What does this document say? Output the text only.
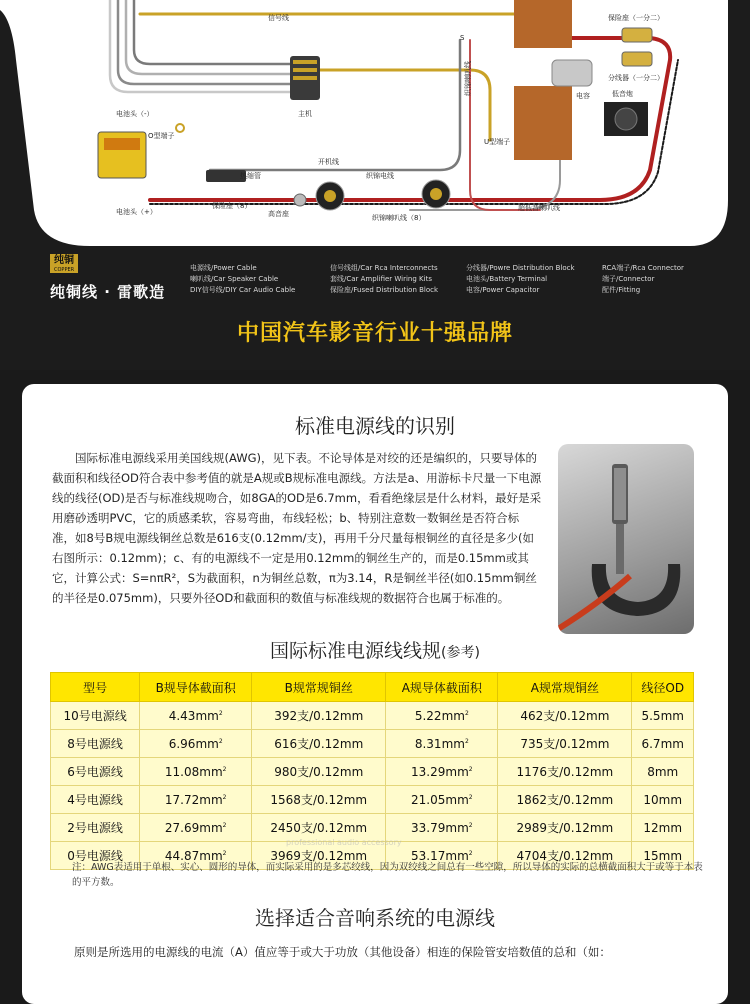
信号线	保险座（一分二）
主机
电池头（-）
O型端子
电池头（+）
织锦喇叭线	电容
分线器（一分二）
低音炮
U型端子
开机线
织锦电线
热缩管
保险座（8）
高音座	织锦喇叭线（8）
超低音喇叭线
S
纯铜
COPPER
纯铜线 · 雷歌造
电源线/Power Cable
喇叭线/Car Speaker Cable
DIY信号线/DIY Car Audio Cable
信号线组/Car Rca Interconnects
套线/Car Amplifier Wiring Kits
保险座/Fused Distribution Block
分线器/Powre Distribution Block
电池头/Battery Terminal
电容/Power Capacitor
RCA端子/Rca Connector
端子/Connector
配件/Fitting
中国汽车影音行业十强品牌
标准电源线的识别

国际标准电源线采用美国线规(AWG)，见下表。不论导体是对绞的还是编织的，只要导体的截面积和线径OD符合表中参考值的就是A规或B规标准电源线。方法是a、用游标卡尺量一下电源线的线径(OD)是否与标准线规吻合，如8GA的OD是6.7mm，看看绝缘层是什么材料，最好是采用磨砂透明PVC，它的质感柔软，容易弯曲，布线轻松；b、特别注意数一数铜丝是否符合标准，如8号B规电源线铜丝总数是616支(0.12mm/支)，再用千分尺量每根铜丝的直径是多少(如右图所示：0.12mm)；c、有的电源线不一定是用0.12mm的铜丝生产的，而是0.15mm或其它，计算公式：S=nπR²，S为截面积，n为铜丝总数，π为3.14，R是铜丝半径(如0.15mm铜丝的半径是0.075mm)，只要外径OD和截面积的数值与标准线规的数据符合也属于标准的。

国际标准电源线线规(参考)
型号	B规导体截面积	B规常规铜丝	A规导体截面积	A规常规铜丝	线径OD
10号电源线	$4.43mm^2$	392支/0.12mm	$5.22mm^2$	462支/0.12mm	5.5mm
8号电源线	$6.96mm^2$	616支/0.12mm	$8.31mm^2$	735支/0.12mm	6.7mm
6号电源线	$11.08mm^2$	980支/0.12mm	$13.29mm^2$	1176支/0.12mm	8mm
4号电源线	$17.72mm^2$	1568支/0.12mm	$21.05mm^2$	1862支/0.12mm	10mm
2号电源线	$27.69mm^2$	2450支/0.12mm	$33.79mm^2$	2989支/0.12mm	12mm
0号电源线	$44.87mm^2$	3969支/0.12mm	$53.17mm^2$	4704支/0.12mm	15mm
professional audio accessory

注：AWG表适用于单根、实心、圆形的导体，而实际采用的是多芯绞线，因为双绞线之间总有一些空隙，所以导体的实际的总横截面积大于或等于本表的平方数。

选择适合音响系统的电源线

原则是所选用的电源线的电流（A）值应等于或大于功放（其他设备）相连的保险管安培数值的总和（如：
